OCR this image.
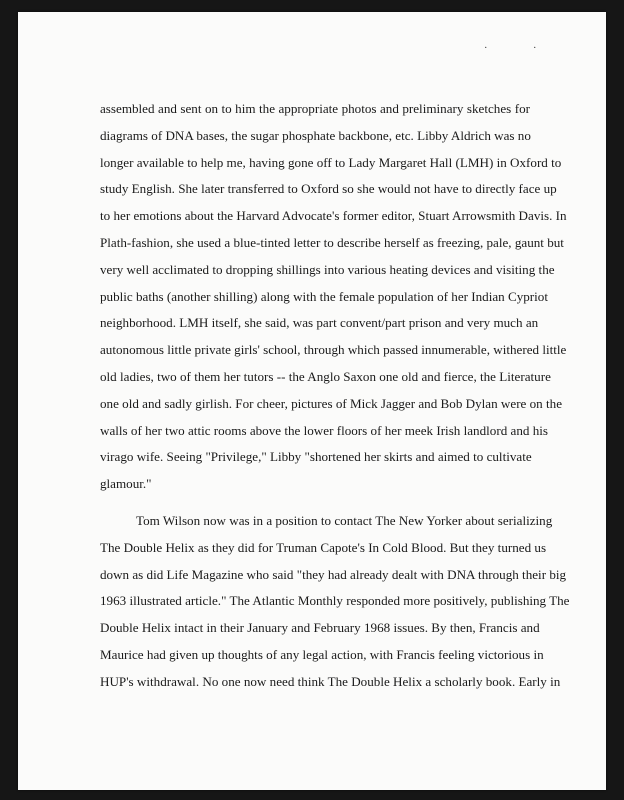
. .
assembled and sent on to him the appropriate photos and preliminary sketches for
diagrams of DNA bases, the sugar phosphate backbone, etc. Libby Aldrich was no
longer available to help me, having gone off to Lady Margaret Hall (LMH) in Oxford to
study English. She later transferred to Oxford so she would not have to directly face up
to her emotions about the Harvard Advocate's former editor, Stuart Arrowsmith Davis. In
Plath-fashion, she used a blue-tinted letter to describe herself as freezing, pale, gaunt but
very well acclimated to dropping shillings into various heating devices and visiting the
public baths (another shilling) along with the female population of her Indian Cypriot
neighborhood. LMH itself, she said, was part convent/part prison and very much an
autonomous little private girls' school, through which passed innumerable, withered little
old ladies, two of them her tutors -- the Anglo Saxon one old and fierce, the Literature
one old and sadly girlish. For cheer, pictures of Mick Jagger and Bob Dylan were on the
walls of her two attic rooms above the lower floors of her meek Irish landlord and his
virago wife. Seeing "Privilege," Libby "shortened her skirts and aimed to cultivate
glamour."
Tom Wilson now was in a position to contact The New Yorker about serializing
The Double Helix as they did for Truman Capote's In Cold Blood. But they turned us
down as did Life Magazine who said "they had already dealt with DNA through their big
1963 illustrated article." The Atlantic Monthly responded more positively, publishing The
Double Helix intact in their January and February 1968 issues. By then, Francis and
Maurice had given up thoughts of any legal action, with Francis feeling victorious in
HUP's withdrawal. No one now need think The Double Helix a scholarly book. Early in
